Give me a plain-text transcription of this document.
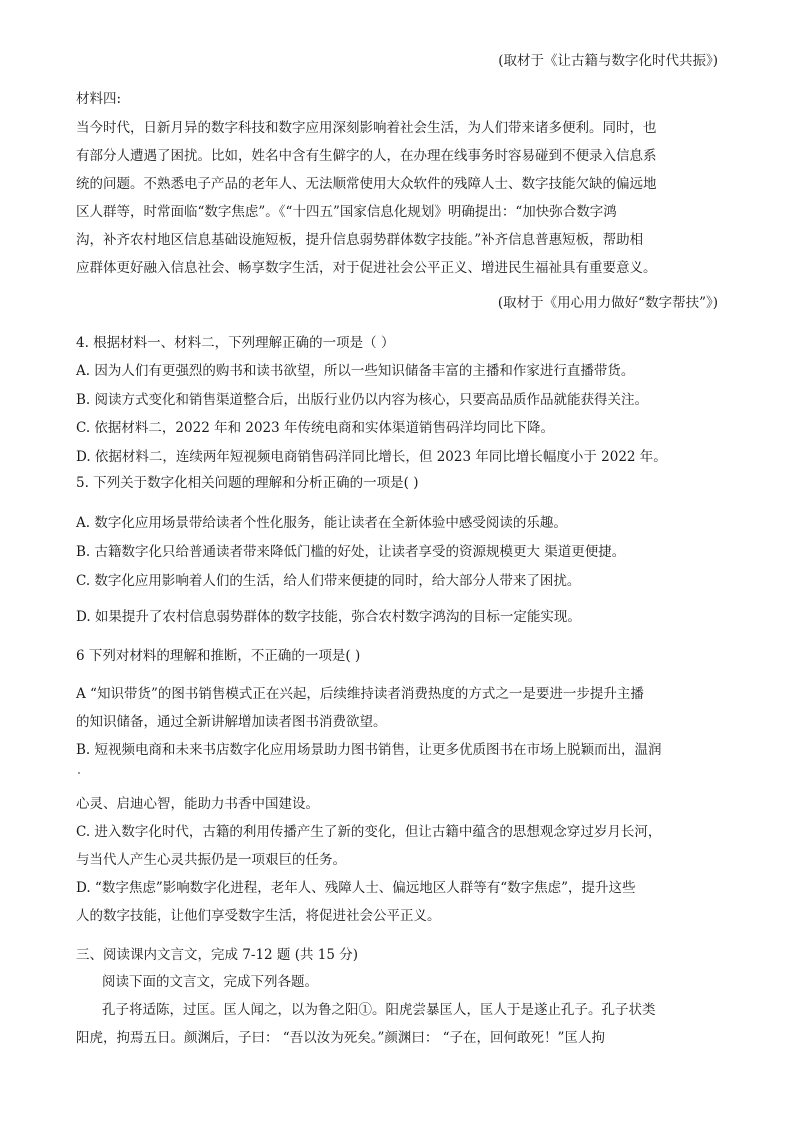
(取材于《让古籍与数字化时代共振》)
材料四:
当今时代，日新月异的数字科技和数字应用深刻影响着社会生活，为人们带来诸多便利。同时，也
有部分人遭遇了困扰。比如，姓名中含有生僻字的人，在办理在线事务时容易碰到不便录入信息系
统的问题。不熟悉电子产品的老年人、无法顺常使用大众软件的残障人士、数字技能欠缺的偏远地
区人群等，时常面临“数字焦虑”。《“十四五”国家信息化规划》明确提出：“加快弥合数字鸿
沟，补齐农村地区信息基础设施短板，提升信息弱势群体数字技能。”补齐信息普惠短板，帮助相
应群体更好融入信息社会、畅享数字生活，对于促进社会公平正义、增进民生福祉具有重要意义。
(取材于《用心用力做好“数字帮扶”》)
4. 根据材料一、材料二，下列理解正确的一项是（ ）
A. 因为人们有更强烈的购书和读书欲望，所以一些知识储备丰富的主播和作家进行直播带货。
B. 阅读方式变化和销售渠道整合后，出版行业仍以内容为核心，只要高品质作品就能获得关注。
C. 依据材料二，2022 年和 2023 年传统电商和实体渠道销售码洋均同比下降。
D. 依据材料二，连续两年短视频电商销售码洋同比增长，但 2023 年同比增长幅度小于 2022 年。
5. 下列关于数字化相关问题的理解和分析正确的一项是( )
A. 数字化应用场景带给读者个性化服务，能让读者在全新体验中感受阅读的乐趣。
B. 古籍数字化只给普通读者带来降低门槛的好处，让读者享受的资源规模更大 渠道更便捷。
C. 数字化应用影响着人们的生活，给人们带来便捷的同时，给大部分人带来了困扰。
D. 如果提升了农村信息弱势群体的数字技能，弥合农村数字鸿沟的目标一定能实现。
6 下列对材料的理解和推断，不正确的一项是( )
A “知识带货”的图书销售模式正在兴起，后续维持读者消费热度的方式之一是要进一步提升主播
的知识储备，通过全新讲解增加读者图书消费欲望。
B. 短视频电商和未来书店数字化应用场景助力图书销售，让更多优质图书在市场上脱颖而出，温润
心灵、启迪心智，能助力书香中国建设。
C. 进入数字化时代，古籍的利用传播产生了新的变化，但让古籍中蕴含的思想观念穿过岁月长河，
与当代人产生心灵共振仍是一项艰巨的任务。
D. “数字焦虑”影响数字化进程，老年人、残障人士、偏远地区人群等有“数字焦虑”，提升这些
人的数字技能，让他们享受数字生活，将促进社会公平正义。
三、阅读课内文言文，完成 7-12 题 (共 15 分)
阅读下面的文言文，完成下列各题。
孔子将适陈，过匡。匡人闻之，以为鲁之阳①。阳虎尝暴匡人，匡人于是遂止孔子。孔子状类
阳虎，拘焉五日。颜渊后，子曰： “吾以汝为死矣。”颜渊曰： “子在，回何敢死！”匡人拘
